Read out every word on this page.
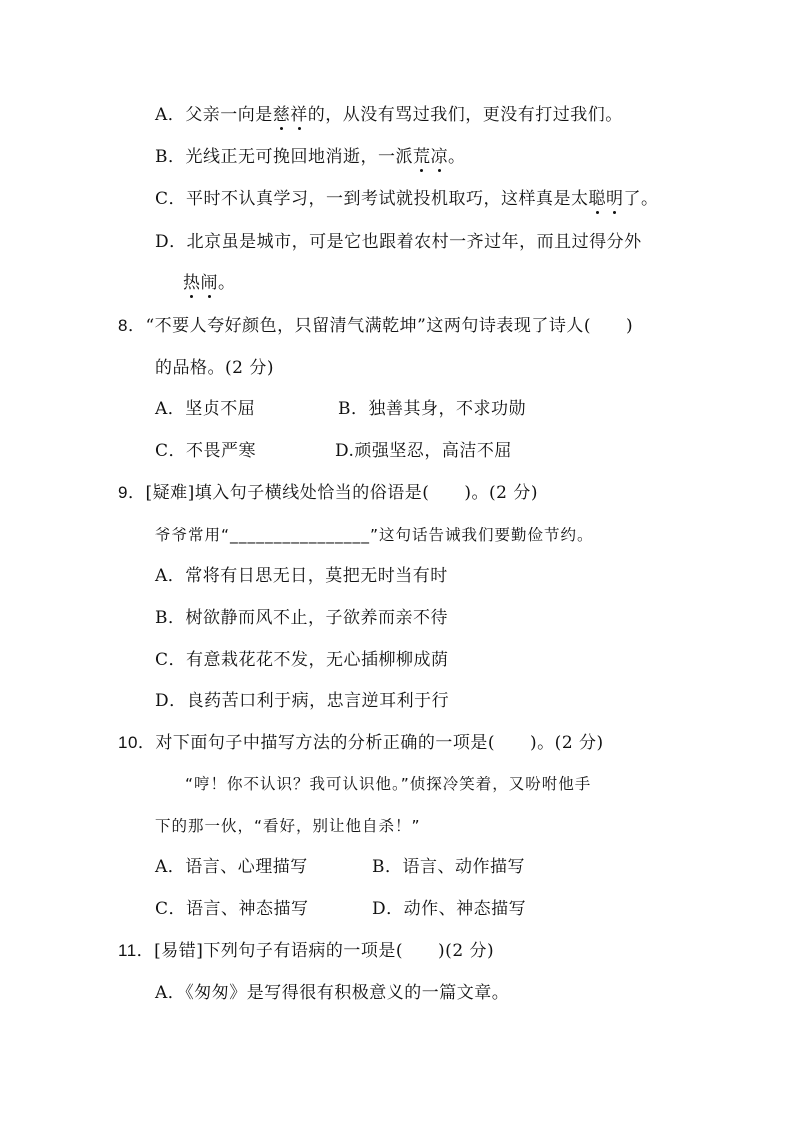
A．父亲一向是慈祥的，从没有骂过我们，更没有打过我们。
B．光线正无可挽回地消逝，一派荒凉。
C．平时不认真学习，一到考试就投机取巧，这样真是太聪明了。
D．北京虽是城市，可是它也跟着农村一齐过年，而且过得分外
热闹。
8．“不要人夸好颜色，只留清气满乾坤”这两句诗表现了诗人(　　)
的品格。(2 分)
A．坚贞不屈	B．独善其身，不求功勋
C．不畏严寒	D.顽强坚忍，高洁不屈
9．[疑难]填入句子横线处恰当的俗语是(　　)。(2 分)
爷爷常用“________________”这句话告诫我们要勤俭节约。
A．常将有日思无日，莫把无时当有时
B．树欲静而风不止，子欲养而亲不待
C．有意栽花花不发，无心插柳柳成荫
D．良药苦口利于病，忠言逆耳利于行
10．对下面句子中描写方法的分析正确的一项是(　　)。(2 分)
“哼！你不认识？我可认识他。”侦探冷笑着，又吩咐他手
下的那一伙，“看好，别让他自杀！”
A．语言、心理描写	B．语言、动作描写
C．语言、神态描写	D．动作、神态描写
11．[易错]下列句子有语病的一项是(　　)(2 分)
A．《匆匆》是写得很有积极意义的一篇文章。
